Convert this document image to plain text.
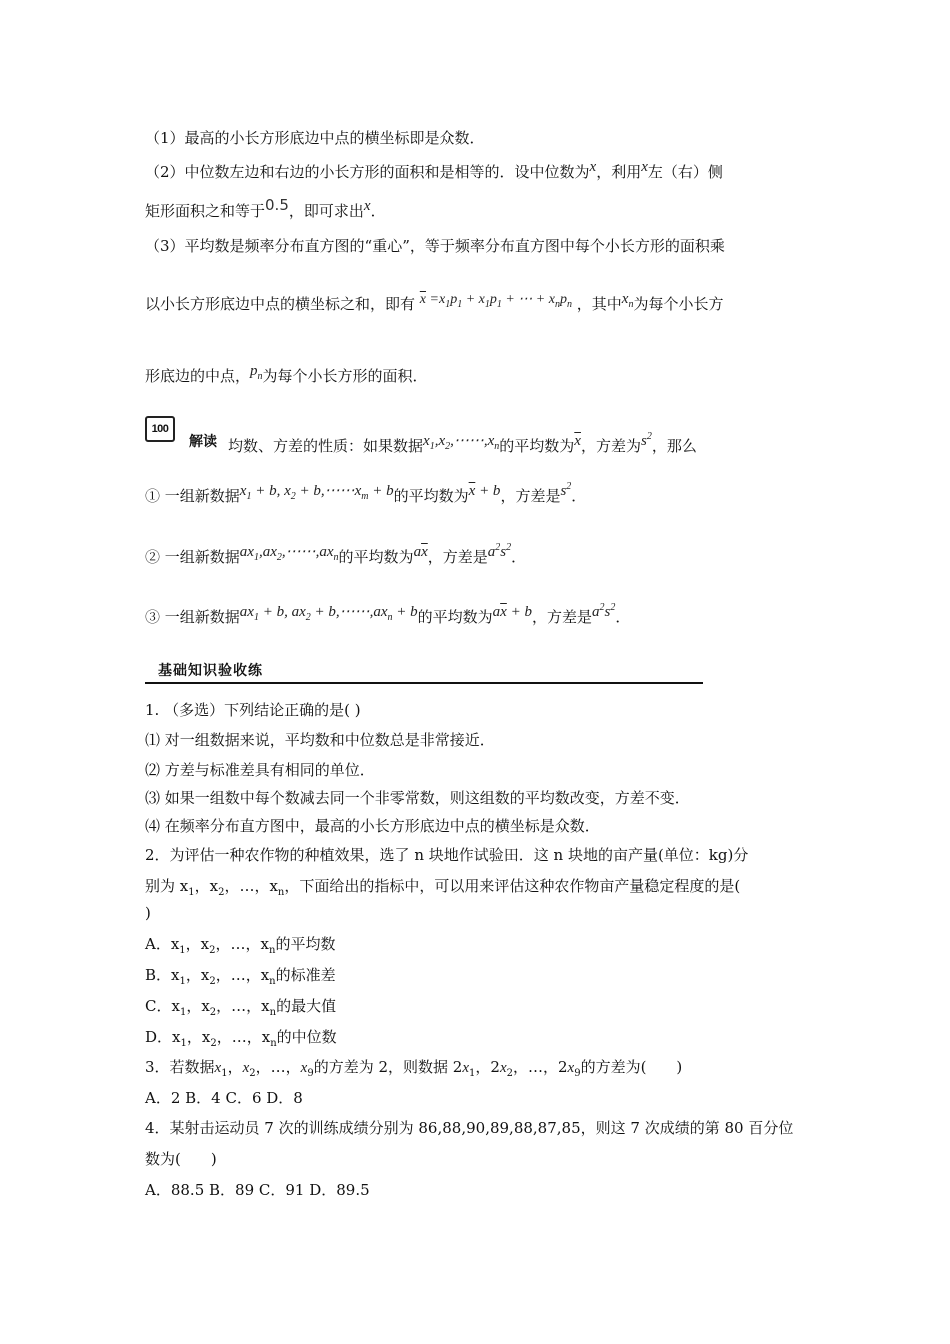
（1）最高的小长方形底边中点的横坐标即是众数．
（2）中位数左边和右边的小长方形的面积和是相等的．设中位数为x，利用x左（右）侧
矩形面积之和等于0.5，即可求出x．
（3）平均数是频率分布直方图的“重心”，等于频率分布直方图中每个小长方形的面积乘
以小长方形底边中点的横坐标之和，即有 $\overline{x} =x_1p_1 + x_1p_1$ + ⋯ + $x_np_n$ ，其中$x_n$为每个小长方
形底边的中点，$p_n$为每个小长方形的面积．
100
解读 均数、方差的性质：如果数据$x_1,x_2,\cdots\cdots,x_n$的平均数为$\overline{x}$，方差为$s^2$，那么
① 一组新数据$x_1 + b$, $x_2$ + $b,\cdots\cdots x_m + b$的平均数为$\overline{x} + b$，方差是$s^2$．
② 一组新数据$ax_1,ax_2,\cdots\cdots,ax_n$的平均数为$a\overline{x}$，方差是$a^2s^2$．
③ 一组新数据$ax_1 + b$, $ax_2$ + $b,\cdots\cdots,ax_n + b$的平均数为$a\overline{x} + b$，方差是$a^2s^2$．
基础知识验收练
1. （多选）下列结论正确的是( )
⑴ 对一组数据来说，平均数和中位数总是非常接近．
⑵ 方差与标准差具有相同的单位．
⑶ 如果一组数中每个数减去同一个非零常数，则这组数的平均数改变，方差不变．
⑷ 在频率分布直方图中，最高的小长方形底边中点的横坐标是众数．
2．为评估一种农作物的种植效果，选了 n 块地作试验田．这 n 块地的亩产量(单位：kg)分
别为 $x_1$，$x_2$，…，$x_n$，下面给出的指标中，可以用来评估这种农作物亩产量稳定程度的是(
)
A．$x_1$，$x_2$，…，$x_n$的平均数
B．$x_1$，$x_2$，…，$x_n$的标准差
C．$x_1$，$x_2$，…，$x_n$的最大值
D．$x_1$，$x_2$，…，$x_n$的中位数
3．若数据$x_1$，$x_2$，…，$x_9$的方差为 2，则数据 $2x_1$，$2x_2$，…，$2x_9$的方差为(　　)
A．2 B．4 C．6 D．8
4．某射击运动员 7 次的训练成绩分别为 86,88,90,89,88,87,85，则这 7 次成绩的第 80 百分位
数为(　　)
A．88.5 B．89 C．91 D．89.5
